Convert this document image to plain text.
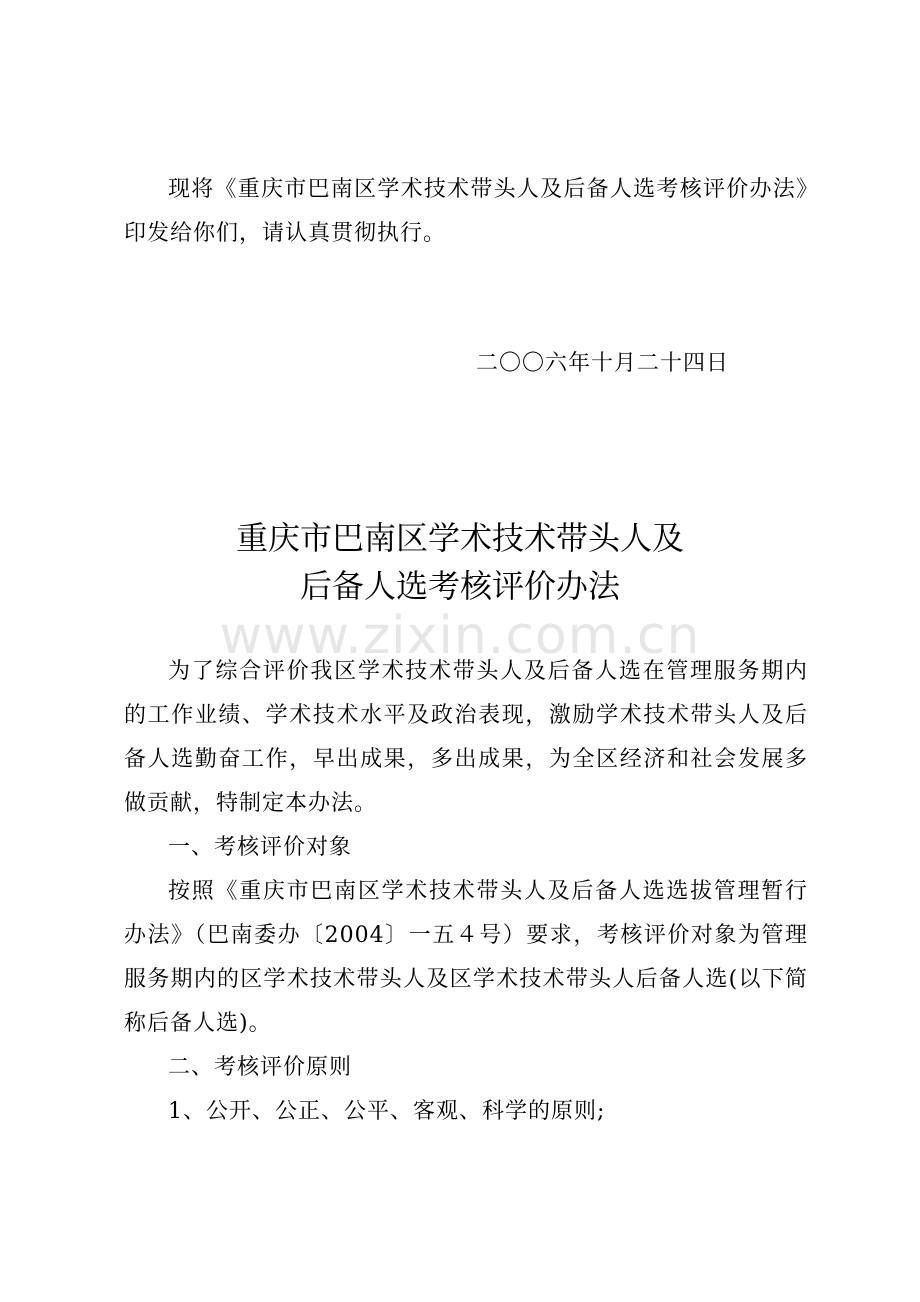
现将《重庆市巴南区学术技术带头人及后备人选考核评价办法》印发给你们，请认真贯彻执行。

二〇〇六年十月二十四日
重庆市巴南区学术技术带头人及
后备人选考核评价办法
www.zixin.com.cn

为了综合评价我区学术技术带头人及后备人选在管理服务期内的工作业绩、学术技术水平及政治表现，激励学术技术带头人及后备人选勤奋工作，早出成果，多出成果，为全区经济和社会发展多做贡献，特制定本办法。

一、考核评价对象

按照《重庆市巴南区学术技术带头人及后备人选选拔管理暂行办法》（巴南委办〔2004〕一五４号）要求，考核评价对象为管理服务期内的区学术技术带头人及区学术技术带头人后备人选(以下简称后备人选)。

二、考核评价原则

1、公开、公正、公平、客观、科学的原则;
